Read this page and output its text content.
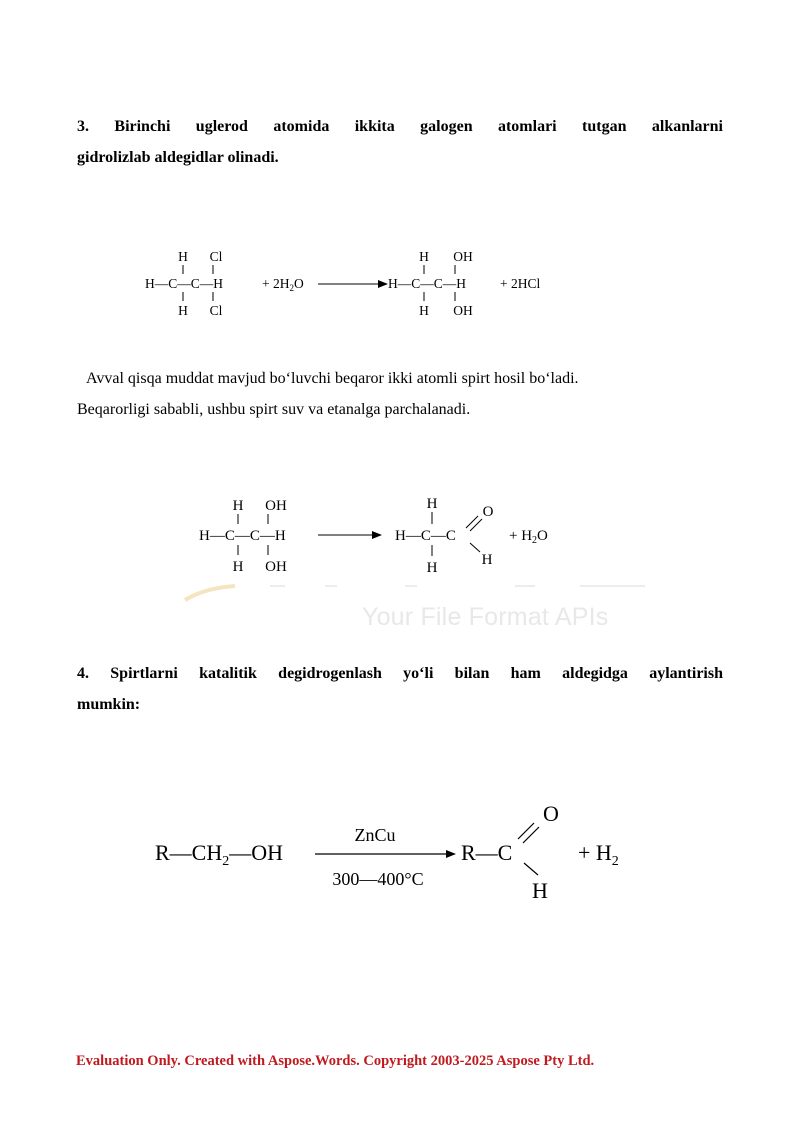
3. Birinchi uglerod atomida ikkita galogen atomlari tutgan alkanlarni
gidrolizlab aldegidlar olinadi.
H Cl
H—C—C—H
H Cl
+ $2H_2O$
H OH
H—C—C—H
H OH
+ 2HCl
Avval qisqa muddat mavjud bo‘luvchi beqaror ikki atomli spirt hosil bo‘ladi.
Beqarorligi sababli, ushbu spirt suv va etanalga parchalanadi.
H OH
H—C—C—H
H OH
H
H—C—C
H
O
H
+ $H_2O$
Your File Format APIs
4. Spirtlarni katalitik degidrogenlash yo‘li bilan ham aldegidga aylantirish
mumkin:
$R—CH_2—OH$
ZnCu
300—400°C
R—C
O
H
+ $H_2$
Evaluation Only. Created with Aspose.Words. Copyright 2003-2025 Aspose Pty Ltd.
